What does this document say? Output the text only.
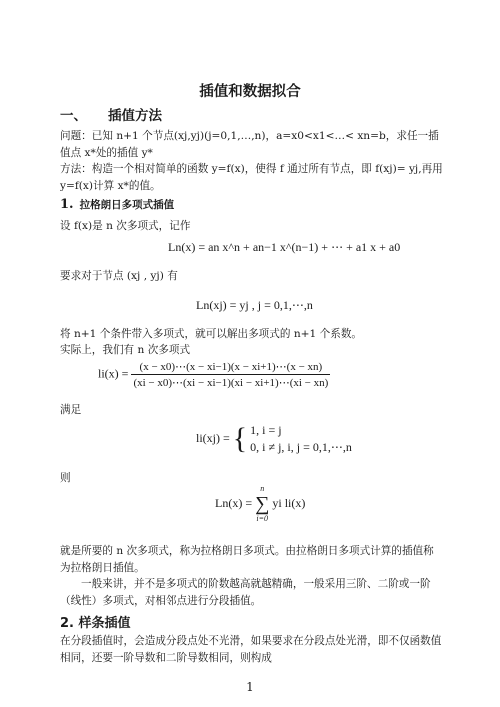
插值和数据拟合
一、 插值方法
问题：已知 n+1 个节点(xj,yj)(j=0,1,…,n)，a=x0<x1<…< xn=b，求任一插值点 x*处的插值 y*
方法：构造一个相对简单的函数 y=f(x)，使得 f 通过所有节点，即 f(xj)= yj,再用 y=f(x)计算 x*的值。
1. 拉格朗日多项式插值
设 f(x)是 n 次多项式，记作
Ln(x) = an x^n + an−1 x^(n−1) + ⋯ + a1 x + a0
要求对于节点 (xj , yj) 有
Ln(xj) = yj , j = 0,1,⋯,n
将 n+1 个条件带入多项式，就可以解出多项式的 n+1 个系数。
实际上，我们有 n 次多项式
$li(x) = \frac{(x - x0)\cdots(x - xi-1)(x - xi+1)\cdots(x - xn)}{(xi - x0)\cdots(xi - xi-1)(xi - xi+1)\cdots(xi - xn)}$
满足
li(xj) = { 1, i = j
0, i ≠ j, i, j = 0,1,⋯,n
则
Ln(x) =
n
∑
i=0
yi li(x)
就是所要的 n 次多项式，称为拉格朗日多项式。由拉格朗日多项式计算的插值称为拉格朗日插值。
一般来讲，并不是多项式的阶数越高就越精确，一般采用三阶、二阶或一阶（线性）多项式，对相邻点进行分段插值。
2. 样条插值
在分段插值时，会造成分段点处不光滑，如果要求在分段点处光滑，即不仅函数值相同，还要一阶导数和二阶导数相同，则构成
1
